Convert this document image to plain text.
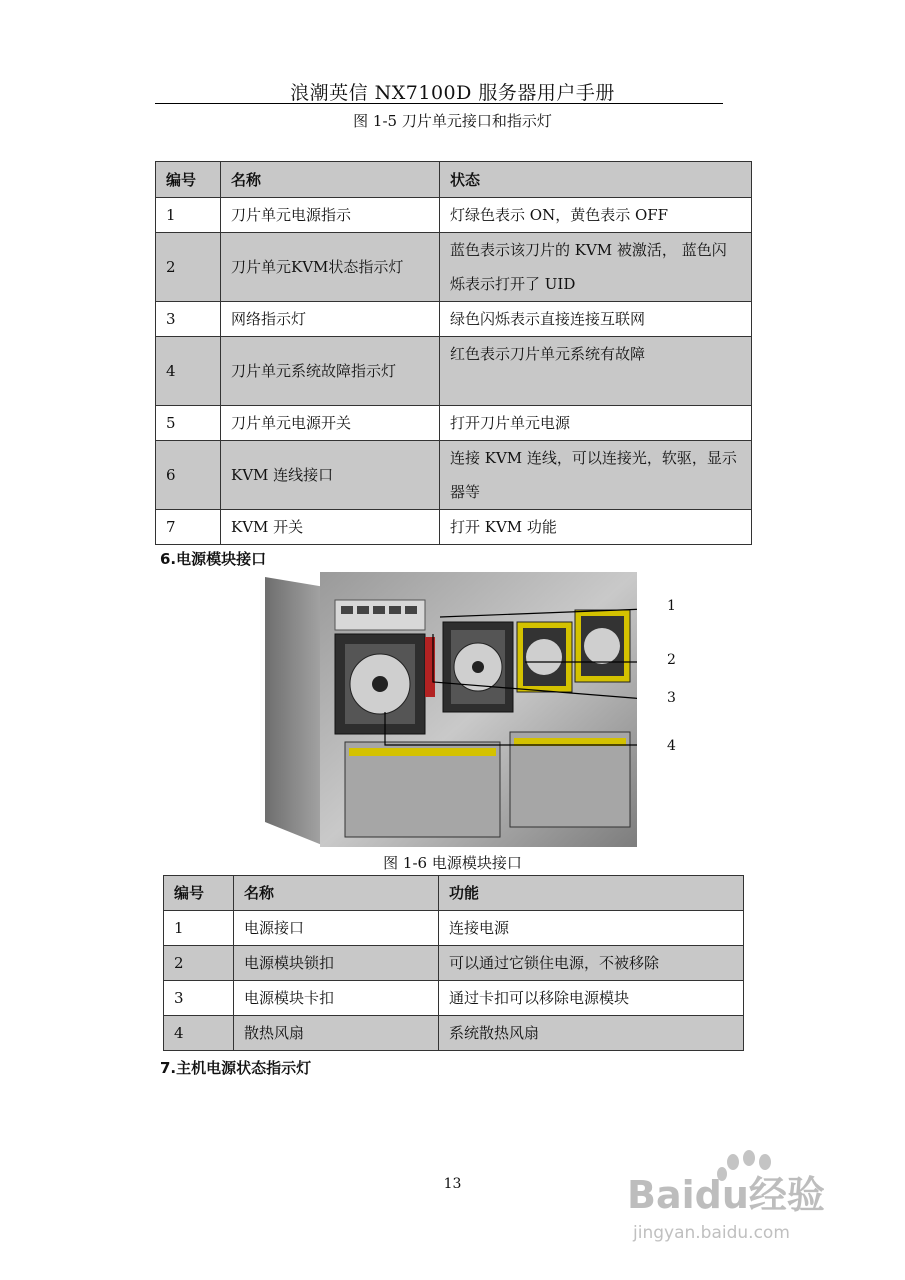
浪潮英信 NX7100D 服务器用户手册
图 1-5 刀片单元接口和指示灯
编号	名称	状态
1	刀片单元电源指示	灯绿色表示 ON，黄色表示 OFF
2	刀片单元KVM状态指示灯	蓝色表示该刀片的 KVM 被激活， 蓝色闪烁表示打开了 UID
3	网络指示灯	绿色闪烁表示直接连接互联网
4	刀片单元系统故障指示灯	红色表示刀片单元系统有故障
5	刀片单元电源开关	打开刀片单元电源
6	KVM 连线接口	连接 KVM 连线，可以连接光，软驱，显示器等
7	KVM 开关	打开 KVM 功能
6.电源模块接口
1
2
3
4
图 1-6 电源模块接口
编号	名称	功能
1	电源接口	连接电源
2	电源模块锁扣	可以通过它锁住电源，不被移除
3	电源模块卡扣	通过卡扣可以移除电源模块
4	散热风扇	系统散热风扇
7.主机电源状态指示灯
13	Baidu经验
jingyan.baidu.com
